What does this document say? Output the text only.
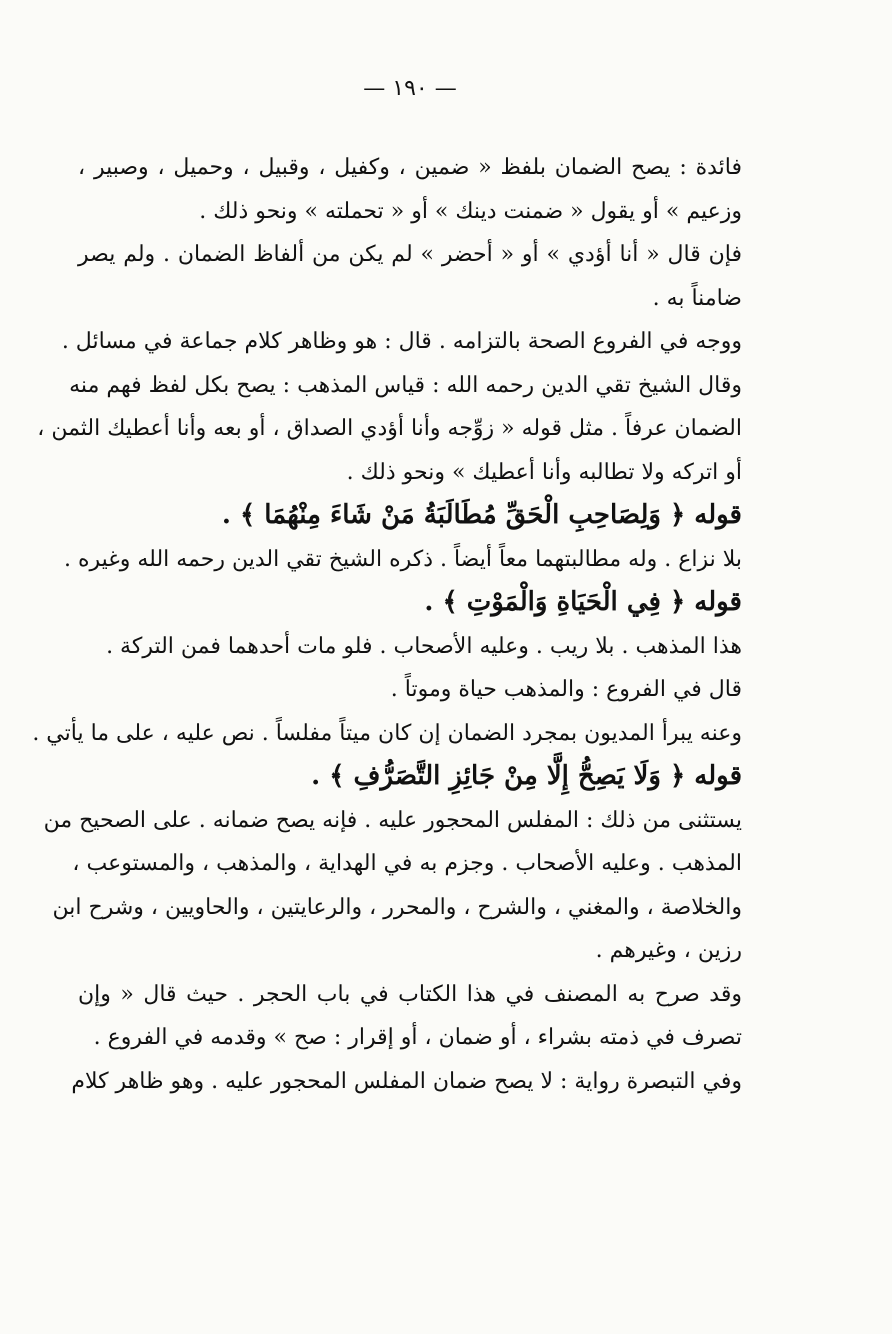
— ١٩٠ —
فائدة : يصح الضمان بلفظ « ضمين ، وكفيل ، وقبيل ، وحميل ، وصبير ،
وزعيم » أو يقول « ضمنت دينك » أو « تحملته » ونحو ذلك .
فإن قال « أنا أؤدي » أو « أحضر » لم يكن من ألفاظ الضمان . ولم يصر
ضامناً به .
ووجه في الفروع الصحة بالتزامه . قال : هو وظاهر كلام جماعة في مسائل .
وقال الشيخ تقي الدين رحمه الله : قياس المذهب : يصح بكل لفظ فهم منه
الضمان عرفاً . مثل قوله « زوِّجه وأنا أؤدي الصداق ، أو بعه وأنا أعطيك الثمن ،
أو اتركه ولا تطالبه وأنا أعطيك » ونحو ذلك .
قوله ﴿ وَلِصَاحِبِ الْحَقِّ مُطَالَبَةُ مَنْ شَاءَ مِنْهُمَا ﴾ .
بلا نزاع . وله مطالبتهما معاً أيضاً . ذكره الشيخ تقي الدين رحمه الله وغيره .
قوله ﴿ فِي الْحَيَاةِ وَالْمَوْتِ ﴾ .
هذا المذهب . بلا ريب . وعليه الأصحاب . فلو مات أحدهما فمن التركة .
قال في الفروع : والمذهب حياة وموتاً .
وعنه يبرأ المديون بمجرد الضمان إن كان ميتاً مفلساً . نص عليه ، على ما يأتي .
قوله ﴿ وَلَا يَصِحُّ إِلَّا مِنْ جَائِزِ التَّصَرُّفِ ﴾ .
يستثنى من ذلك : المفلس المحجور عليه . فإنه يصح ضمانه . على الصحيح من
المذهب . وعليه الأصحاب . وجزم به في الهداية ، والمذهب ، والمستوعب ،
والخلاصة ، والمغني ، والشرح ، والمحرر ، والرعايتين ، والحاويين ، وشرح ابن
رزين ، وغيرهم .
وقد صرح به المصنف في هذا الكتاب في باب الحجر . حيث قال « وإن
تصرف في ذمته بشراء ، أو ضمان ، أو إقرار : صح » وقدمه في الفروع .
وفي التبصرة رواية : لا يصح ضمان المفلس المحجور عليه . وهو ظاهر كلام
